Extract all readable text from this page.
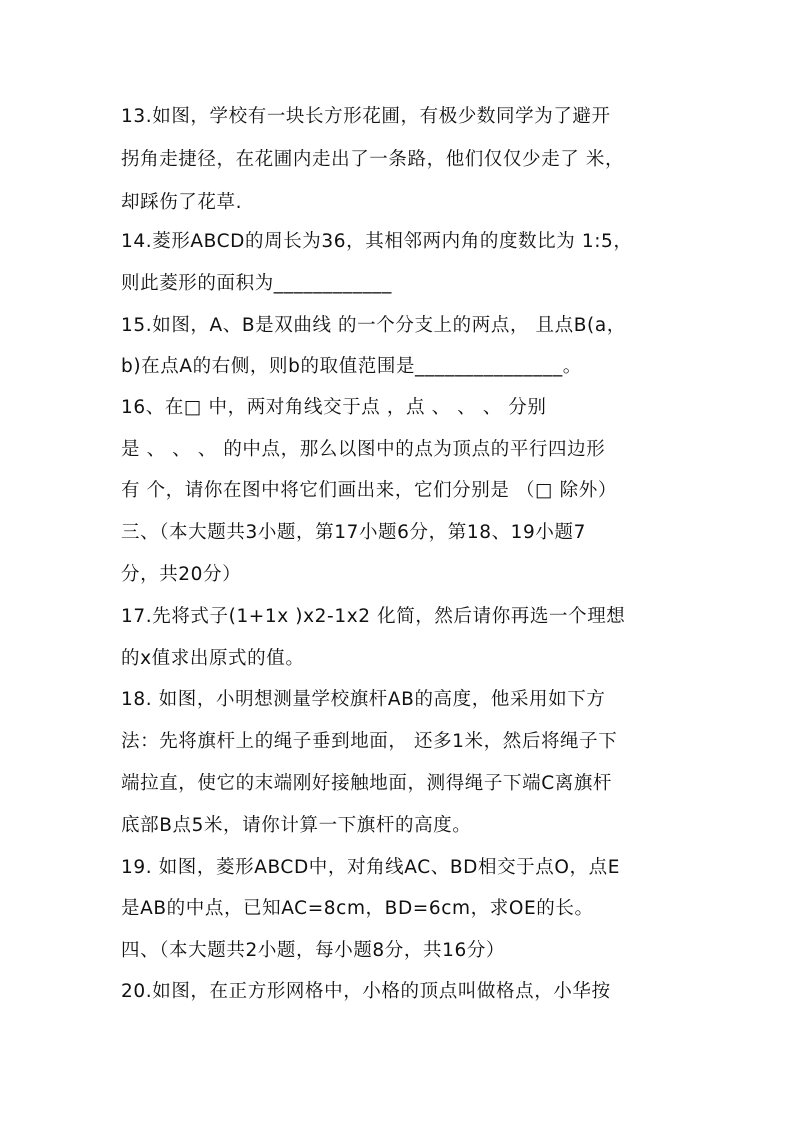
13.如图，学校有一块长方形花圃，有极少数同学为了避开
拐角走捷径，在花圃内走出了一条路，他们仅仅少走了 米，
却踩伤了花草.
14.菱形ABCD的周长为36，其相邻两内角的度数比为 1:5，
则此菱形的面积为____________
15.如图，A、B是双曲线 的一个分支上的两点， 且点B(a，
b)在点A的右侧，则b的取值范围是_______________。
16、在□ 中，两对角线交于点 ，点 、 、 、 分别
是 、 、 、 的中点，那么以图中的点为顶点的平行四边形
有 个，请你在图中将它们画出来，它们分别是 （□ 除外）
三、（本大题共3小题，第17小题6分，第18、19小题7
分，共20分）
17.先将式子(1+1x )x2-1x2 化简，然后请你再选一个理想
的x值求出原式的值。
18. 如图，小明想测量学校旗杆AB的高度，他采用如下方
法：先将旗杆上的绳子垂到地面， 还多1米，然后将绳子下
端拉直，使它的末端刚好接触地面，测得绳子下端C离旗杆
底部B点5米，请你计算一下旗杆的高度。
19. 如图，菱形ABCD中，对角线AC、BD相交于点O，点E
是AB的中点，已知AC=8cm，BD=6cm，求OE的长。
四、（本大题共2小题，每小题8分，共16分）
20.如图，在正方形网格中，小格的顶点叫做格点，小华按
